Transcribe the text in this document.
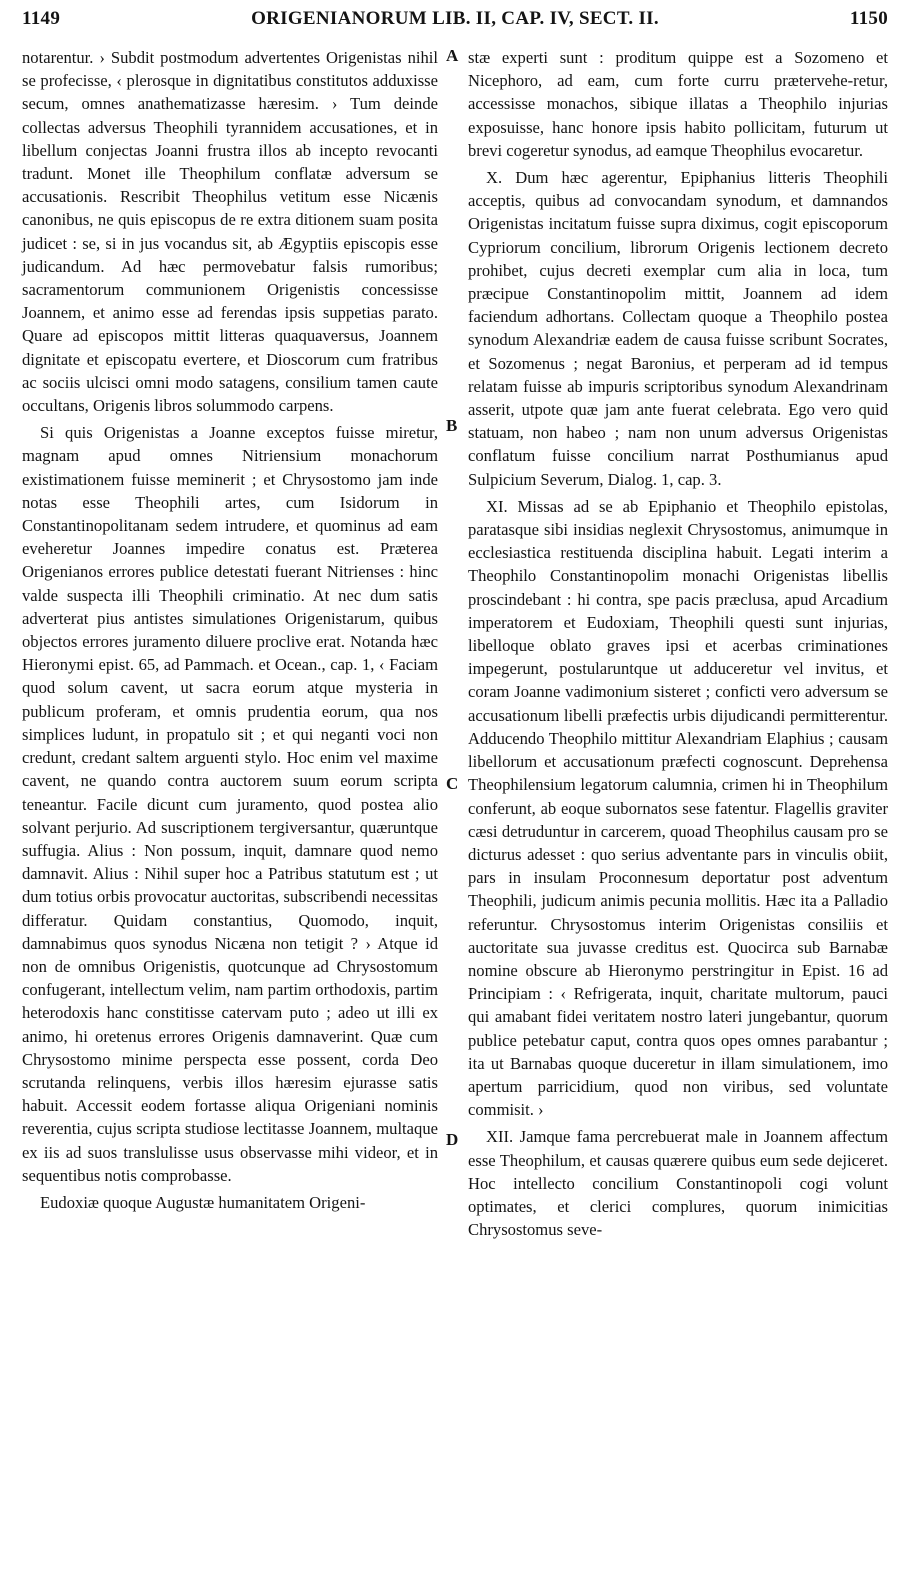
1149	ORIGENIANORUM LIB. II, CAP. IV, SECT. II.	1150

notarentur. › Subdit postmodum advertentes Origenistas nihil se profecisse, ‹ plerosque in dignitatibus constitutos adduxisse secum, omnes anathematizasse hæresim. › Tum deinde collectas adversus Theophili tyrannidem accusationes, et in libellum conjectas Joanni frustra illos ab incepto revocanti tradunt. Monet ille Theophilum conflatæ adversum se accusationis. Rescribit Theophilus vetitum esse Nicænis canonibus, ne quis episcopus de re extra ditionem suam posita judicet : se, si in jus vocandus sit, ab Ægyptiis episcopis esse judicandum. Ad hæc permovebatur falsis rumoribus; sacramentorum communionem Origenistis concessisse Joannem, et animo esse ad ferendas ipsis suppetias parato. Quare ad episcopos mittit litteras quaquaversus, Joannem dignitate et episcopatu evertere, et Dioscorum cum fratribus ac sociis ulcisci omni modo satagens, consilium tamen caute occultans, Origenis libros solummodo carpens.

Si quis Origenistas a Joanne exceptos fuisse miretur, magnam apud omnes Nitriensium monachorum existimationem fuisse meminerit ; et Chrysostomo jam inde notas esse Theophili artes, cum Isidorum in Constantinopolitanam sedem intrudere, et quominus ad eam eveheretur Joannes impedire conatus est. Præterea Origenianos errores publice detestati fuerant Nitrienses : hinc valde suspecta illi Theophili criminatio. At nec dum satis adverterat pius antistes simulationes Origenistarum, quibus objectos errores juramento diluere proclive erat. Notanda hæc Hieronymi epist. 65, ad Pammach. et Ocean., cap. 1, ‹ Faciam quod solum cavent, ut sacra eorum atque mysteria in publicum proferam, et omnis prudentia eorum, qua nos simplices ludunt, in propatulo sit ; et qui neganti voci non credunt, credant saltem arguenti stylo. Hoc enim vel maxime cavent, ne quando contra auctorem suum eorum scripta teneantur. Facile dicunt cum juramento, quod postea alio solvant perjurio. Ad suscriptionem tergiversantur, quæruntque suffugia. Alius : Non possum, inquit, damnare quod nemo damnavit. Alius : Nihil super hoc a Patribus statutum est ; ut dum totius orbis provocatur auctoritas, subscribendi necessitas differatur. Quidam constantius, Quomodo, inquit, damnabimus quos synodus Nicæna non tetigit ? › Atque id non de omnibus Origenistis, quotcunque ad Chrysostomum confugerant, intellectum velim, nam partim orthodoxis, partim heterodoxis hanc constitisse catervam puto ; adeo ut illi ex animo, hi oretenus errores Origenis damnaverint. Quæ cum Chrysostomo minime perspecta esse possent, corda Deo scrutanda relinquens, verbis illos hæresim ejurasse satis habuit. Accessit eodem fortasse aliqua Origeniani nominis reverentia, cujus scripta studiose lectitasse Joannem, multaque ex iis ad suos translulisse usus observasse mihi videor, et in sequentibus notis comprobasse.

Eudoxiæ quoque Augustæ humanitatem Origeni-

A
B
C
D

stæ experti sunt : proditum quippe est a Sozomeno et Nicephoro, ad eam, cum forte curru prætervehe-retur, accessisse monachos, sibique illatas a Theophilo injurias exposuisse, hanc honore ipsis habito pollicitam, futurum ut brevi cogeretur synodus, ad eamque Theophilus evocaretur.

X. Dum hæc agerentur, Epiphanius litteris Theophili acceptis, quibus ad convocandam synodum, et damnandos Origenistas incitatum fuisse supra diximus, cogit episcoporum Cypriorum concilium, librorum Origenis lectionem decreto prohibet, cujus decreti exemplar cum alia in loca, tum præcipue Constantinopolim mittit, Joannem ad idem faciendum adhortans. Collectam quoque a Theophilo postea synodum Alexandriæ eadem de causa fuisse scribunt Socrates, et Sozomenus ; negat Baronius, et perperam ad id tempus relatam fuisse ab impuris scriptoribus synodum Alexandrinam asserit, utpote quæ jam ante fuerat celebrata. Ego vero quid statuam, non habeo ; nam non unum adversus Origenistas conflatum fuisse concilium narrat Posthumianus apud Sulpicium Severum, Dialog. 1, cap. 3.

XI. Missas ad se ab Epiphanio et Theophilo epistolas, paratasque sibi insidias neglexit Chrysostomus, animumque in ecclesiastica restituenda disciplina habuit. Legati interim a Theophilo Constantinopolim monachi Origenistas libellis proscindebant : hi contra, spe pacis præclusa, apud Arcadium imperatorem et Eudoxiam, Theophili questi sunt injurias, libelloque oblato graves ipsi et acerbas criminationes impegerunt, postularuntque ut adduceretur vel invitus, et coram Joanne vadimonium sisteret ; conficti vero adversum se accusationum libelli præfectis urbis dijudicandi permitterentur. Adducendo Theophilo mittitur Alexandriam Elaphius ; causam libellorum et accusationum præfecti cognoscunt. Deprehensa Theophilensium legatorum calumnia, crimen hi in Theophilum conferunt, ab eoque subornatos sese fatentur. Flagellis graviter cæsi detruduntur in carcerem, quoad Theophilus causam pro se dicturus adesset : quo serius adventante pars in vinculis obiit, pars in insulam Proconnesum deportatur post adventum Theophili, judicum animis pecunia mollitis. Hæc ita a Palladio referuntur. Chrysostomus interim Origenistas consiliis et auctoritate sua juvasse creditus est. Quocirca sub Barnabæ nomine obscure ab Hieronymo perstringitur in Epist. 16 ad Principiam : ‹ Refrigerata, inquit, charitate multorum, pauci qui amabant fidei veritatem nostro lateri jungebantur, quorum publice petebatur caput, contra quos opes omnes parabantur ; ita ut Barnabas quoque duceretur in illam simulationem, imo apertum parricidium, quod non viribus, sed voluntate commisit. ›

XII. Jamque fama percrebuerat male in Joannem affectum esse Theophilum, et causas quærere quibus eum sede dejiceret. Hoc intellecto concilium Constantinopoli cogi volunt optimates, et clerici complures, quorum inimicitias Chrysostomus seve-
